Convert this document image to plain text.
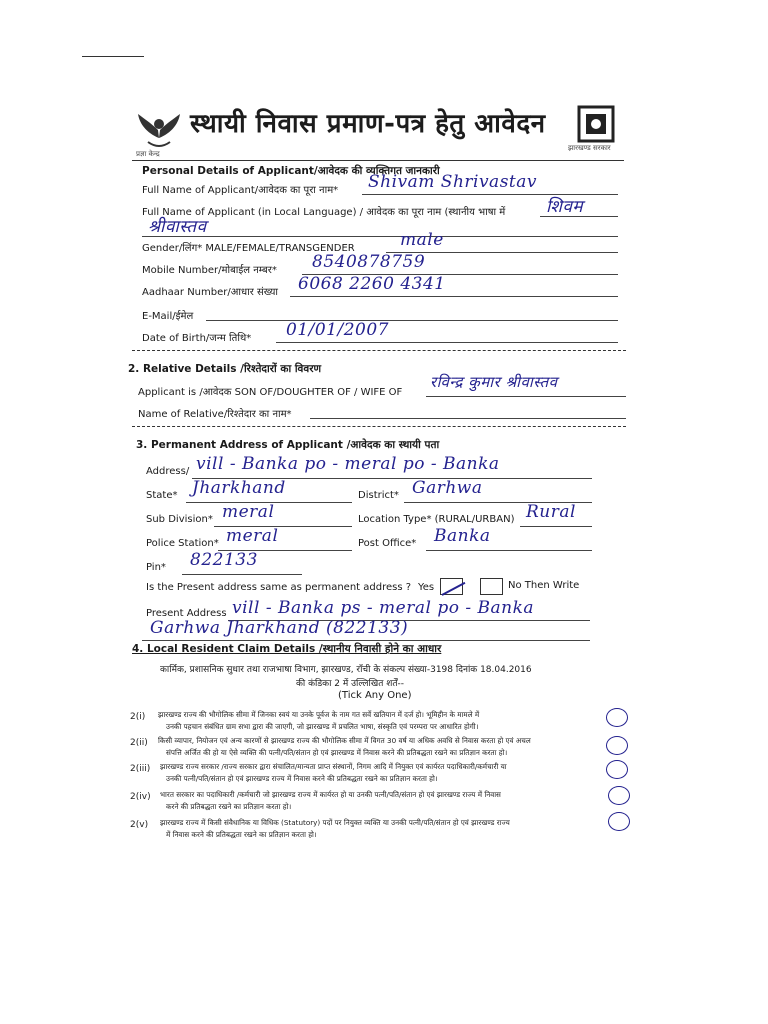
प्रज्ञा केन्द्र
स्थायी निवास प्रमाण-पत्र हेतु आवेदन
झारखण्ड सरकार
Personal Details of Applicant/आवेदक की व्यक्तिगत जानकारी
Full Name of Applicant/आवेदक का पूरा नाम* Shivam Shrivastav
Full Name of Applicant (in Local Language) / आवेदक का पूरा नाम (स्थानीय भाषा में शिवम
श्रीवास्तव
Gender/लिंग* MALE/FEMALE/TRANSGENDER	male
Mobile Number/मोबाईल नम्बर* 8540878759
Aadhaar Number/आधार संख्या 6068 2260 4341
E-Mail/ईमेल
Date of Birth/जन्म तिथि* 01/01/2007
2. Relative Details /रिश्तेदारों का विवरण
Applicant is /आवेदक SON OF/DOUGHTER OF / WIFE OF
रविन्द्र कुमार श्रीवास्तव
Name of Relative/रिश्तेदार का नाम*
3. Permanent Address of Applicant /आवेदक का स्थायी पता
Address/ vill - Banka po - meral po - Banka
State* Jharkhand	District* Garhwa
Sub Division* meral	Location Type* (RURAL/URBAN) Rural
Police Station* meral	Post Office* Banka
Pin* 822133
Is the Present address same as permanent address ? Yes	No Then Write
Present Address vill - Banka ps - meral po - Banka
Garhwa Jharkhand (822133)
4. Local Resident Claim Details /स्थानीय निवासी होने का आधार
कार्मिक, प्रशासनिक सुधार तथा राजभाषा विभाग, झारखण्ड, राँची के संकल्प संख्या-3198 दिनांक 18.04.2016
की कंडिका 2 में उल्लिखित शर्तें--
(Tick Any One)
2(i) झारखण्ड राज्य की भौगोलिक सीमा में जिनका स्वयं या उनके पूर्वज के नाम गत सर्वे खतियान में दर्ज हो। भूमिहीन के मामले में
उनकी पहचान संबंधित ग्राम सभा द्वारा की जाएगी, जो झारखण्ड में प्रचलित भाषा, संस्कृति एवं परम्परा पर आधारित होगी।
2(ii) किसी व्यापार, नियोजन एवं अन्य कारणों से झारखण्ड राज्य की भौगोलिक सीमा में विगत 30 वर्ष या अधिक अवधि से निवास करता हो एवं अचल
संपत्ति अर्जित की हो या ऐसे व्यक्ति की पत्नी/पति/संतान हो एवं झारखण्ड में निवास करने की प्रतिबद्धता रखने का प्रतिज्ञान करता हो।
2(iii) झारखण्ड राज्य सरकार /राज्य सरकार द्वारा संचालित/मान्यता प्राप्त संस्थानों, निगम आदि में नियुक्त एवं कार्यरत पदाधिकारी/कर्मचारी या
उनकी पत्नी/पति/संतान हो एवं झारखण्ड राज्य में निवास करने की प्रतिबद्धता रखने का प्रतिज्ञान करता हो।
2(iv) भारत सरकार का पदाधिकारी /कर्मचारी जो झारखण्ड राज्य में कार्यरत हो या उनकी पत्नी/पति/संतान हो एवं झारखण्ड राज्य में निवास
करने की प्रतिबद्धता रखने का प्रतिज्ञान करता हो।
2(v) झारखण्ड राज्य में किसी संवैधानिक या विधिक (Statutory) पदों पर नियुक्त व्यक्ति या उनकी पत्नी/पति/संतान हो एवं झारखण्ड राज्य
में निवास करने की प्रतिबद्धता रखने का प्रतिज्ञान करता हो।
